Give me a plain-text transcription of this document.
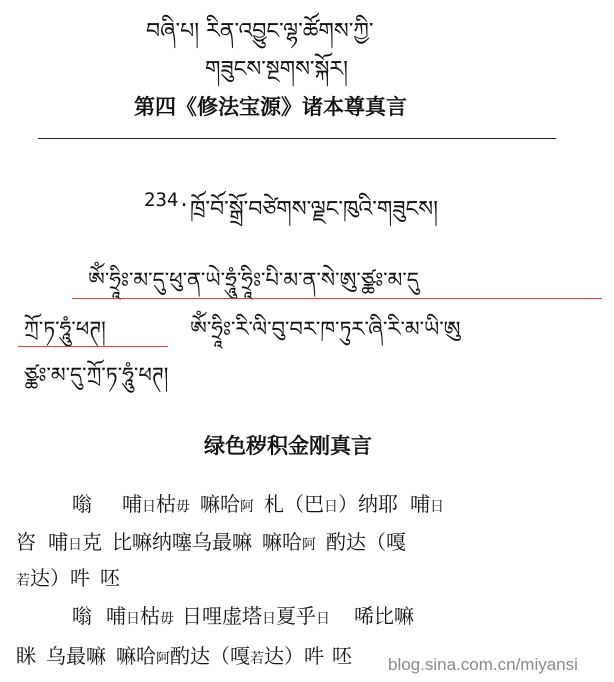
བཞི་པ། རིན་འབྱུང་ལྷ་ཚོགས་ཀྱི་
གཟུངས་སྔགས་སྐོར།
第四《修法宝源》诸本尊真言
234. ཁྲོ་བོ་སྒྲོ་བཙེགས་ལྗང་ཁུའི་གཟུངས།
ཨོཾ་ཧྲཱིཿ་མ་དུ་ཕུ་ན་ཡེ་ཧྲཱུཾ་ཧྲཱིཿ་པི་མ་ན་སེ་ཨུ་ཙྪཿ་མ་དུ
ཀྲོ་ཏ་ཧཱུཾ་ཕཊ།	ཨོཾ་ཧྲཱིཿ་རི་ལི་བུ་བར་ཁ་ཏུར་ཞི་རི་མ་ཡི་ཨུ
ཙྪཿ་མ་དུ་ཀྲོ་ཏ་ཧཱུཾ་ཕཊ།
绿色秽积金刚真言
嗡 哺日枯毋 嘛哈阿 札（巴日）纳耶 哺日
咨 哺日克 比嘛纳噻乌最嘛 嘛哈阿 酌达（嘎
若达）吽 呸
嗡 哺日枯毋 日哩虚塔日夏乎日 唏比嘛
眯 乌最嘛 嘛哈阿酌达（嘎若达）吽 呸 blog.sina.com.cn/miyansi
